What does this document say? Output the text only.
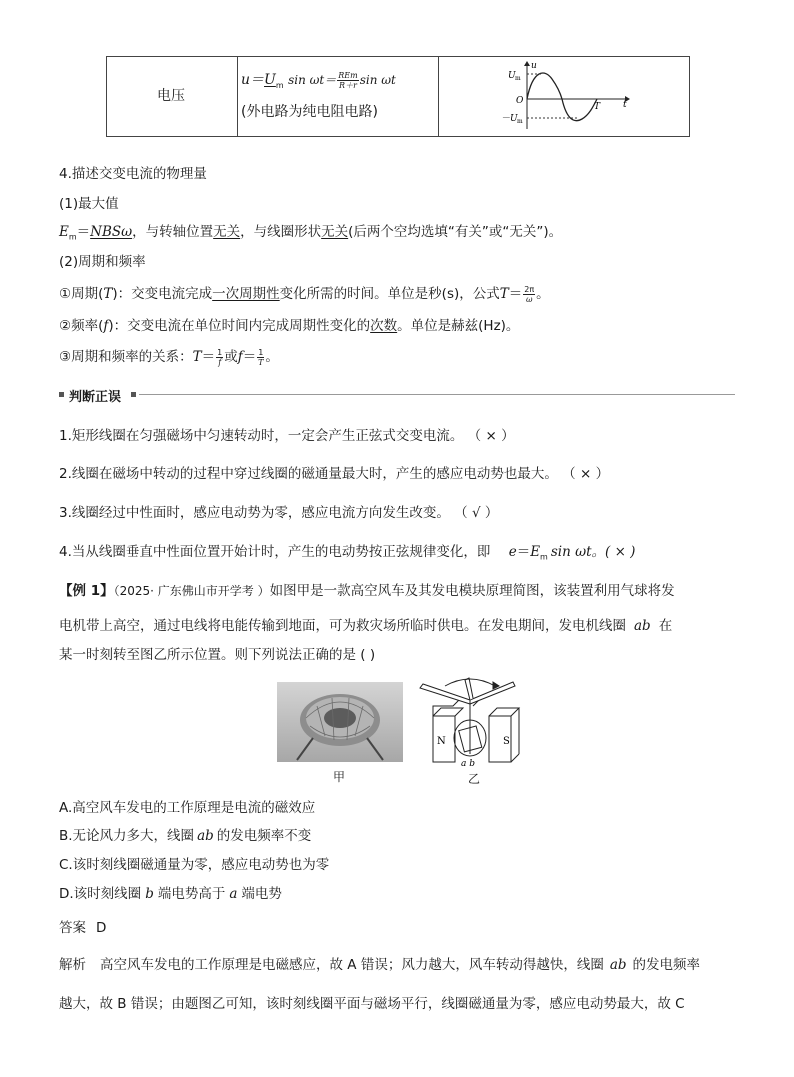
电压
$u=U_m$ $\sin \omega t= \frac{\text{REm}}{R+r}$ sin ωt
(外电路为纯电阻电路)
u
U m
O
－U m
T	t
4.描述交变电流的物理量
(1)最大值
$E_m=NBS\omega$，与转轴位置无关，与线圈形状无关(后两个空均选填“有关”或“无关”)。
(2)周期和频率
①周期(T)：交变电流完成一次周期性变化所需的时间。单位是秒(s)，公式$T= \frac{2\pi}{\omega}$ 。
②频率(f)：交变电流在单位时间内完成周期性变化的次数。单位是赫兹(Hz)。
③周期和频率的关系：$T= \frac{1}{f}$ 或$f= \frac{1}{T}$ 。
判断正误
1.矩形线圈在匀强磁场中匀速转动时，一定会产生正弦式交变电流。 （ × ）
2.线圈在磁场中转动的过程中穿过线圈的磁通量最大时，产生的感应电动势也最大。 （ × ）
3.线圈经过中性面时，感应电动势为零，感应电流方向发生改变。 （ √ ）
4.当从线圈垂直中性面位置开始计时，产生的电动势按正弦规律变化，即 $e=E_m$ sin ωt。( × )
【例 1】（2025· 广东佛山市开学考 ）如图甲是一款高空风车及其发电模块原理简图，该装置利用气球将发
电机带上高空，通过电线将电能传输到地面，可为救灾场所临时供电。在发电期间，发电机线圈 ab 在
某一时刻转至图乙所示位置。则下列说法正确的是 ( )
甲
N	S
a b
乙
A.高空风车发电的工作原理是电流的磁效应
B.无论风力多大，线圈 ab 的发电频率不变
C.该时刻线圈磁通量为零，感应电动势也为零
D.该时刻线圈 b 端电势高于 a 端电势
答案 D
解析 高空风车发电的工作原理是电磁感应，故 A 错误；风力越大，风车转动得越快，线圈 ab 的发电频率
越大，故 B 错误；由题图乙可知，该时刻线圈平面与磁场平行，线圈磁通量为零，感应电动势最大，故 C
